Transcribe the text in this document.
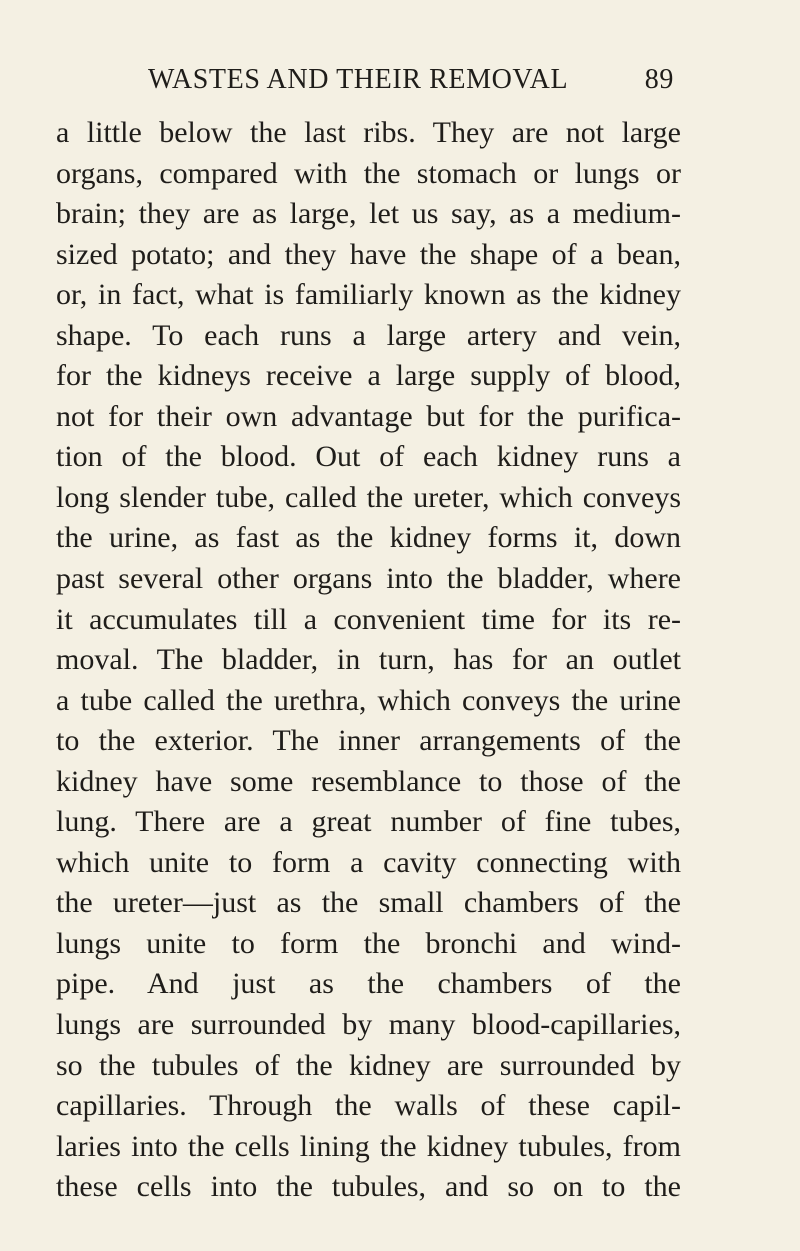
WASTES AND THEIR REMOVAL	89
a little below the last ribs. They are not large
organs, compared with the stomach or lungs or
brain; they are as large, let us say, as a medium-
sized potato; and they have the shape of a bean,
or, in fact, what is familiarly known as the kidney
shape. To each runs a large artery and vein,
for the kidneys receive a large supply of blood,
not for their own advantage but for the purifica-
tion of the blood. Out of each kidney runs a
long slender tube, called the ureter, which conveys
the urine, as fast as the kidney forms it, down
past several other organs into the bladder, where
it accumulates till a convenient time for its re-
moval. The bladder, in turn, has for an outlet
a tube called the urethra, which conveys the urine
to the exterior. The inner arrangements of the
kidney have some resemblance to those of the
lung. There are a great number of fine tubes,
which unite to form a cavity connecting with
the ureter—just as the small chambers of the
lungs unite to form the bronchi and wind-
pipe. And just as the chambers of the
lungs are surrounded by many blood-capillaries,
so the tubules of the kidney are surrounded by
capillaries. Through the walls of these capil-
laries into the cells lining the kidney tubules, from
these cells into the tubules, and so on to the
